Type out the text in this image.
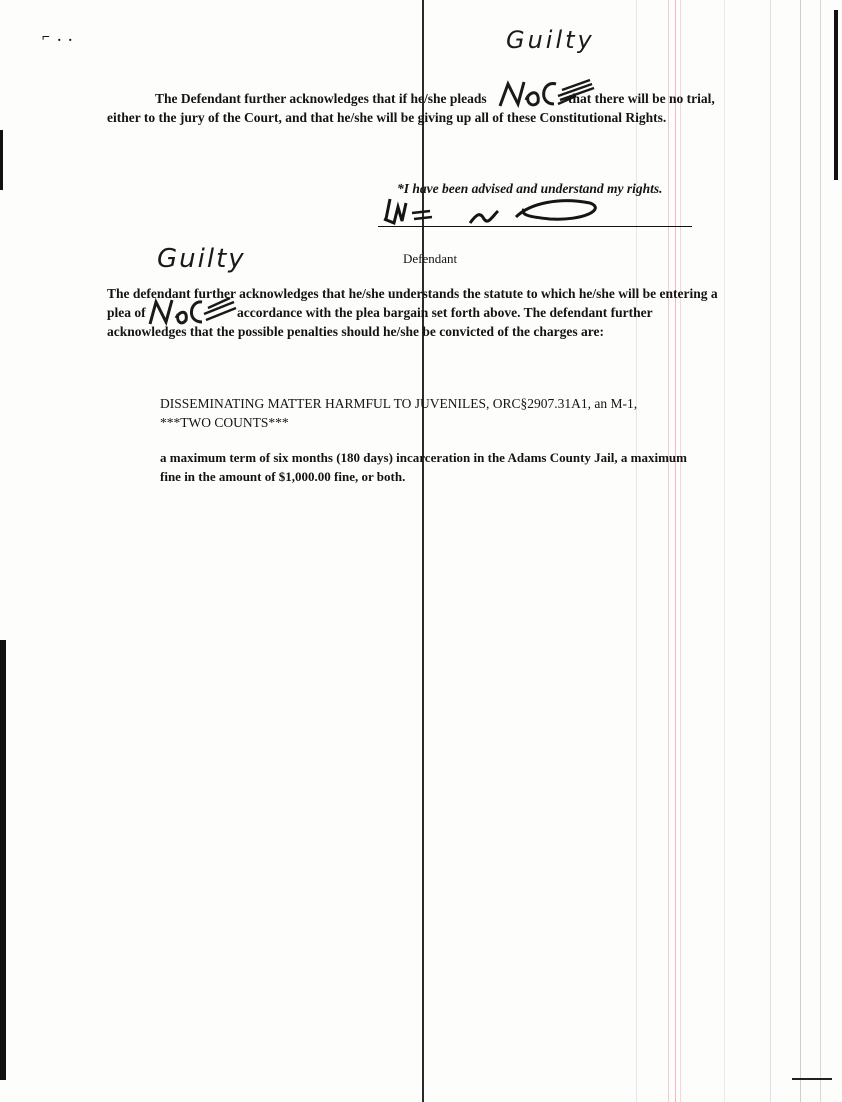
⌐ . .	Guilty
The Defendant further acknowledges that if he/she pleads	that there will be no trial,
either to the jury of the Court, and that he/she will be giving up all of these Constitutional Rights.
*I have been advised and understand my rights.
Defendant
Guilty
The defendant further acknowledges that he/she understands the statute to which he/she will be entering a
plea of	accordance with the plea bargain set forth above. The defendant further
acknowledges that the possible penalties should he/she be convicted of the charges are:
DISSEMINATING MATTER HARMFUL TO JUVENILES, ORC§2907.31A1, an M-1,
***TWO COUNTS***
a maximum term of six months (180 days) incarceration in the Adams County Jail, a maximum
fine in the amount of $1,000.00 fine, or both.
